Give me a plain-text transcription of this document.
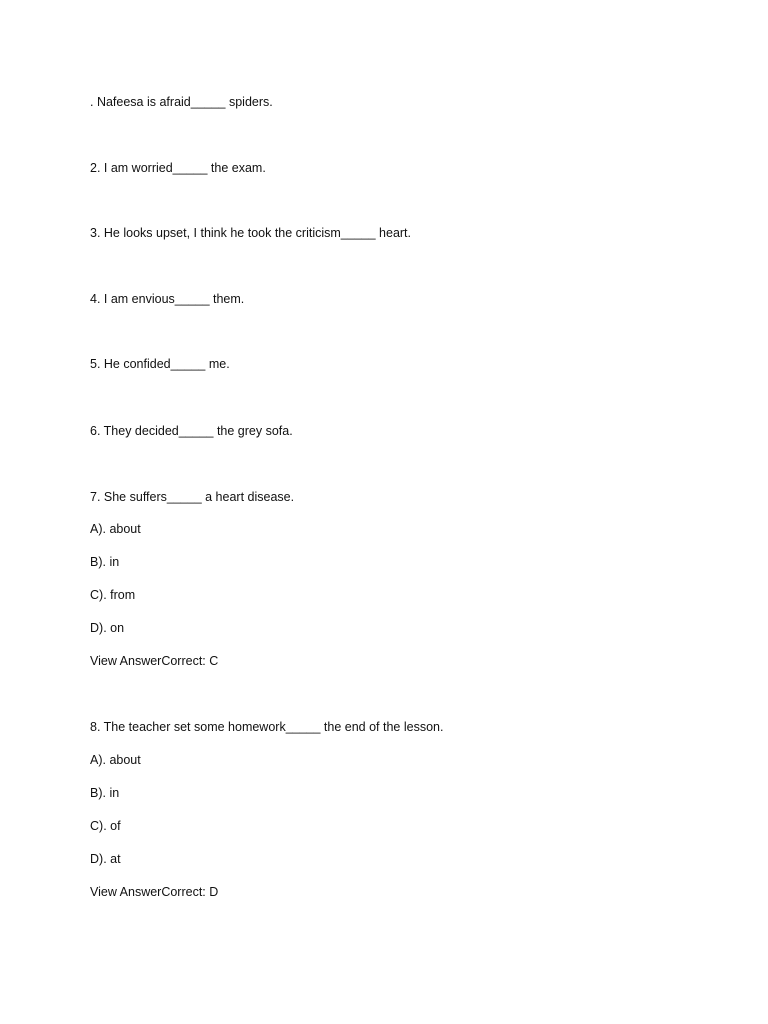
. Nafeesa is afraid_____ spiders.
2. I am worried_____ the exam.
3. He looks upset, I think he took the criticism_____ heart.
4. I am envious_____ them.
5. He confided_____ me.
6. They decided_____ the grey sofa.
7. She suffers_____ a heart disease.
A). about
B). in
C). from
D). on
View AnswerCorrect: C
8. The teacher set some homework_____ the end of the lesson.
A). about
B). in
C). of
D). at
View AnswerCorrect: D
